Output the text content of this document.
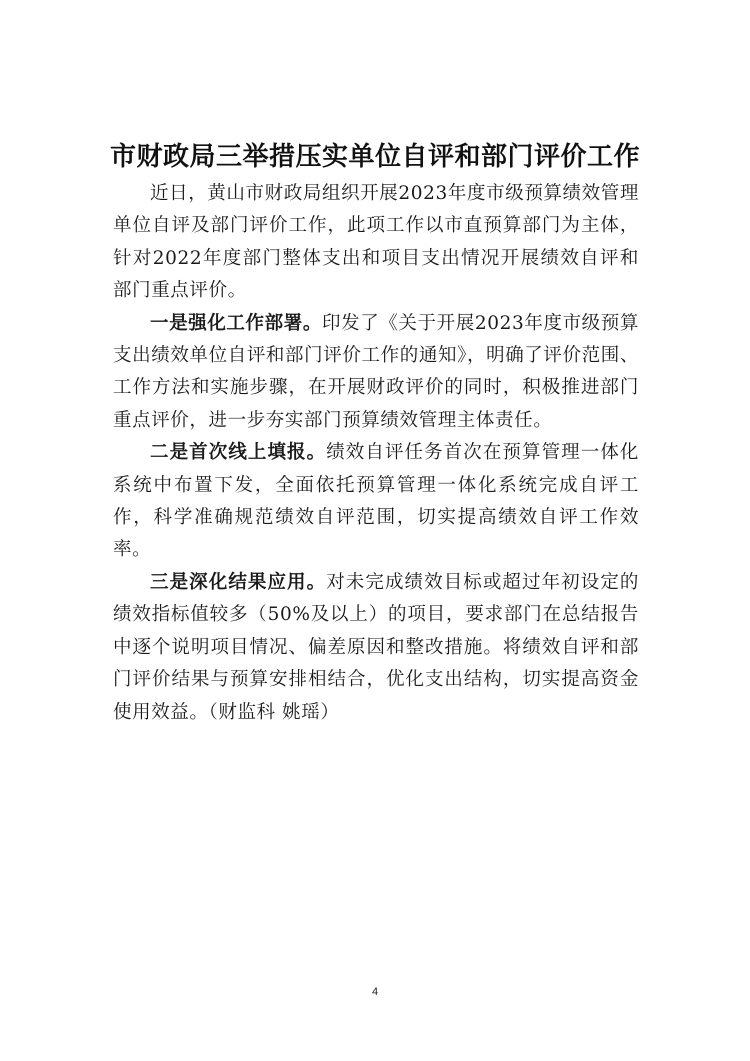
市财政局三举措压实单位自评和部门评价工作

近日，黄山市财政局组织开展2023年度市级预算绩效管理单位自评及部门评价工作，此项工作以市直预算部门为主体，针对2022年度部门整体支出和项目支出情况开展绩效自评和部门重点评价。

一是强化工作部署。印发了《关于开展2023年度市级预算支出绩效单位自评和部门评价工作的通知》，明确了评价范围、工作方法和实施步骤，在开展财政评价的同时，积极推进部门重点评价，进一步夯实部门预算绩效管理主体责任。

二是首次线上填报。绩效自评任务首次在预算管理一体化系统中布置下发，全面依托预算管理一体化系统完成自评工作，科学准确规范绩效自评范围，切实提高绩效自评工作效率。

三是深化结果应用。对未完成绩效目标或超过年初设定的绩效指标值较多（50%及以上）的项目，要求部门在总结报告中逐个说明项目情况、偏差原因和整改措施。将绩效自评和部门评价结果与预算安排相结合，优化支出结构，切实提高资金使用效益。（财监科 姚瑶）

4
